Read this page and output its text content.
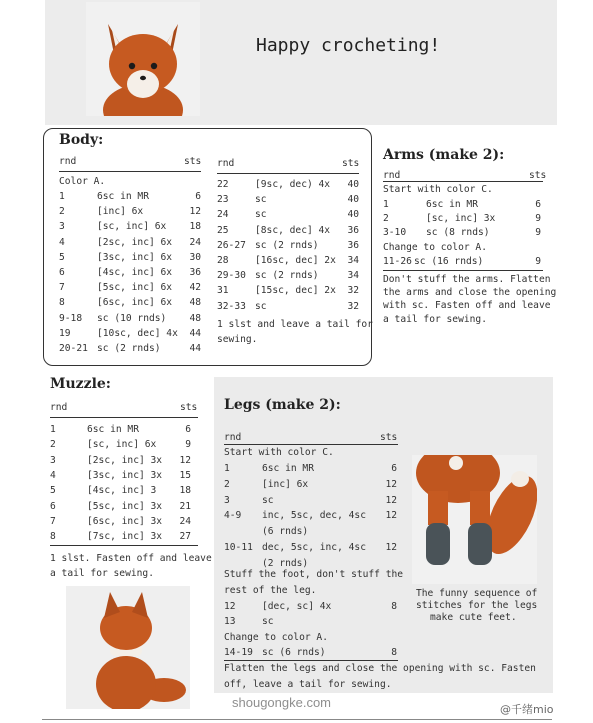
Happy crocheting!
Body:
rnd	sts
Color A.
1	6sc in MR	6
2	[inc] 6x	12
3	[sc, inc] 6x	18
4	[2sc, inc] 6x	24
5	[3sc, inc] 6x	30
6	[4sc, inc] 6x	36
7	[5sc, inc] 6x	42
8	[6sc, inc] 6x	48
9-18 sc (10 rnds)	48
19	[10sc, dec] 4x	44
20-21 sc (2 rnds)	44
rnd	sts
22	[9sc, dec) 4x	40
23	sc	40
24	sc	40
25	[8sc, dec] 4x	36
26-27 sc (2 rnds)	36
28	[16sc, dec] 2x	34
29-30 sc (2 rnds)	34
31	[15sc, dec] 2x	32
32-33 sc	32
1 slst and leave a tail for
sewing.
Arms (make 2):
rnd	sts
Start with color C.
1	6sc in MR	6
2	[sc, inc] 3x	9
3-10 sc (8 rnds)	9
Change to color A.
11-26 sc (16 rnds)	9
Don't stuff the arms. Flatten
the arms and close the opening
with sc. Fasten off and leave
a tail for sewing.
Muzzle:
rnd	sts
1	6sc in MR	6
2	[sc, inc] 6x	9
3	[2sc, inc] 3x	12
4	[3sc, inc] 3x	15
5	[4sc, inc] 3	18
6	[5sc, inc] 3x	21
7	[6sc, inc] 3x	24
8	[7sc, inc] 3x	27
1 slst. Fasten off and leave
a tail for sewing.
Legs (make 2):
rnd	sts
Start with color C.
1	6sc in MR	6
2	[inc] 6x	12
3	sc	12
4-9 inc, 5sc, dec, 4sc	12
(6 rnds)
10-11 dec, 5sc, inc, 4sc	12
(2 rnds)
Stuff the foot, don't stuff the
rest of the leg.
12	[dec, sc] 4x	8
13	sc
Change to color A.
14-19 sc (6 rnds)	8
Flatten the legs and close the opening with sc. Fasten
off, leave a tail for sewing.
The funny sequence of
stitches for the legs
make cute feet.
shougongke.com	@千绪mio
